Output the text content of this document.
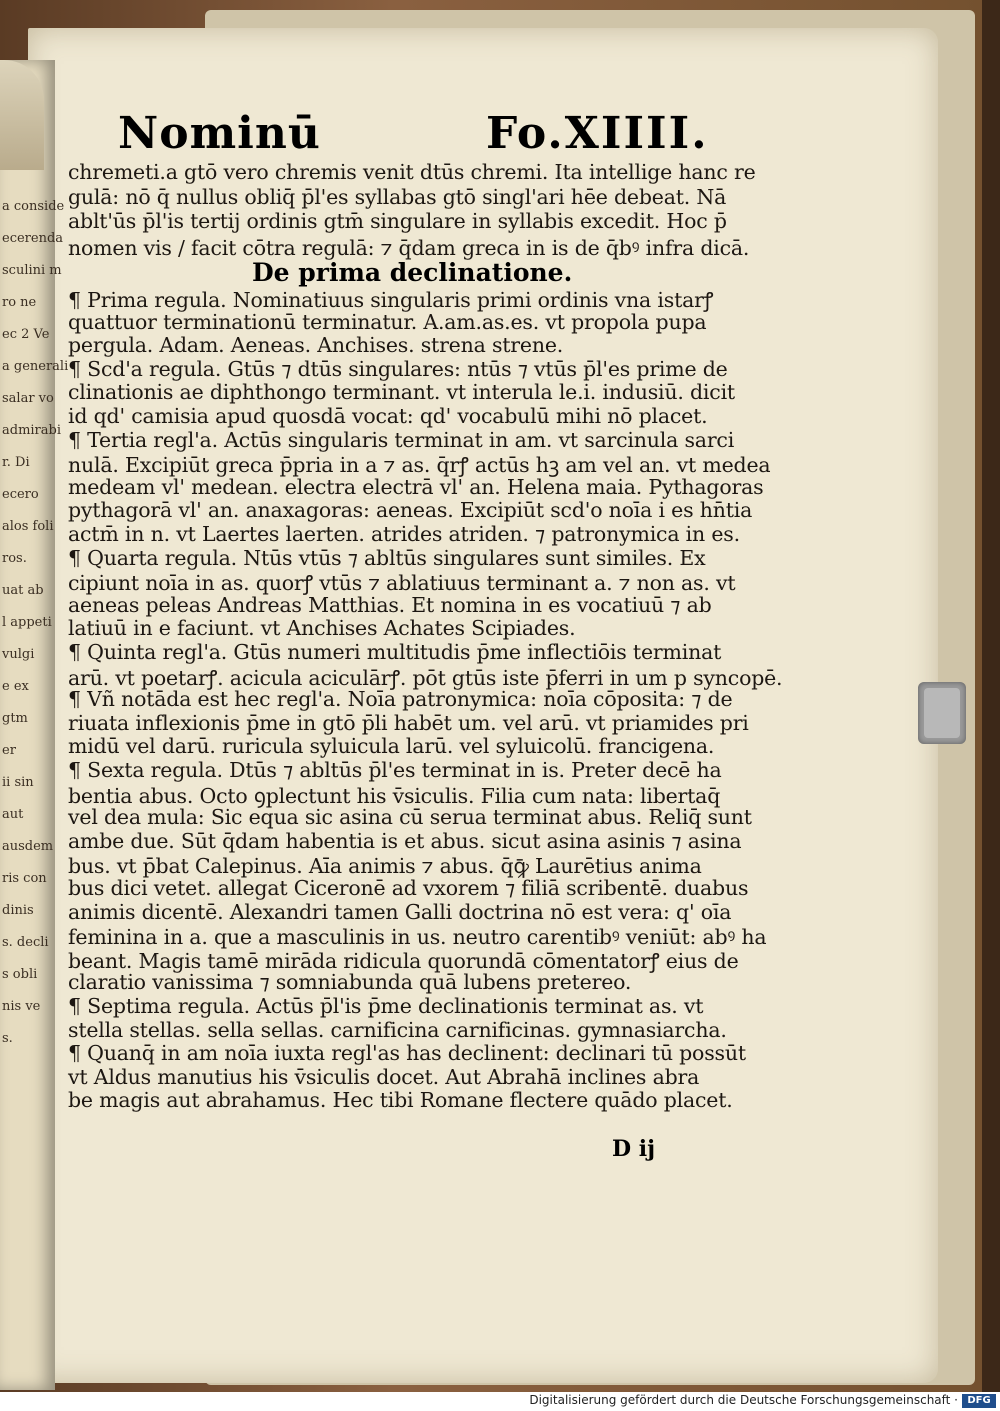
a conside
ecerenda
sculini m
ro ne
ec 2 Ve
a generali
salar vo
admirabi
r. Di
ecero
alos foli
ros.
uat ab
l appeti
vulgi
e ex
gtm
er
ii sin
aut
ausdem
ris con
dinis
s. decli
s obli
nis ve
s.
Nominū	Fo.XIIII.
chremeti.a gtō vero chremis venit dtūs chremi. Ita intellige hanc re
gulā: nō q̄ nullus obliq̄ p̄l'es syllabas gtō singl'ari hēe debeat. Nā
ablt'ūs p̄l'is tertij ordinis gtm̄ singulare in syllabis excedit. Hoc p̄
nomen vis / facit cōtra regulā: ⁊ q̄dam greca in is de q̄bꝰ infra dicā.
¶ Prima regula. Nominatiuus singularis primi ordinis vna istarꝭ
quattuor terminationū terminatur. A.am.as.es. vt propola pupa
pergula. Adam. Aeneas. Anchises. strena strene.
¶ Scd'a regula. Gtūs ⁊ dtūs singulares: ntūs ⁊ vtūs p̄l'es prime de
clinationis ae diphthongo terminant. vt interula le.i. indusiū. dicit
id qd' camisia apud quosdā vocat: qd' vocabulū mihi nō placet.
¶ Tertia regl'a. Actūs singularis terminat in am. vt sarcinula sarci
nulā. Excipiūt greca p̄pria in a ⁊ as. q̄rꝭ actūs hꝫ am vel an. vt medea
medeam vl' medean. electra electrā vl' an. Helena maia. Pythagoras
pythagorā vl' an. anaxagoras: aeneas. Excipiūt scd'o noīa i es hn̄tia
actm̄ in n. vt Laertes laerten. atrides atriden. ⁊ patronymica in es.
¶ Quarta regula. Ntūs vtūs ⁊ abltūs singulares sunt similes. Ex
cipiunt noīa in as. quorꝭ vtūs ⁊ ablatiuus terminant a. ⁊ non as. vt
aeneas peleas Andreas Matthias. Et nomina in es vocatiuū ⁊ ab
latiuū in e faciunt. vt Anchises Achates Scipiades.
¶ Quinta regl'a. Gtūs numeri multitudis p̄me inflectiōis terminat
arū. vt poetarꝭ. acicula aciculārꝭ. pōt gtūs iste p̄ferri in um p syncopē.
¶ Vñ notāda est hec regl'a. Noīa patronymica: noīa cōposita: ⁊ de
riuata inflexionis p̄me in gtō p̄li habēt um. vel arū. vt priamides pri
midū vel darū. ruricula syluicula larū. vel syluicolū. francigena.
¶ Sexta regula. Dtūs ⁊ abltūs p̄l'es terminat in is. Preter decē ha
bentia abus. Octo ꝯplectunt his v̄siculis. Filia cum nata: libertaq̄
vel dea mula: Sic equa sic asina cū serua terminat abus. Reliq̄ sunt
ambe due. Sūt q̄dam habentia is et abus. sicut asina asinis ⁊ asina
bus. vt p̄bat Calepinus. Aīa animis ⁊ abus. q̄ꝙ̄ Laurētius anima
bus dici vetet. allegat Ciceronē ad vxorem ⁊ filiā scribentē. duabus
animis dicentē. Alexandri tamen Galli doctrina nō est vera: q' oīa
feminina in a. que a masculinis in us. neutro carentibꝰ veniūt: abꝰ ha
beant. Magis tamē mirāda ridicula quorundā cōmentatorꝭ eius de
claratio vanissima ⁊ somniabunda quā lubens pretereo.
¶ Septima regula. Actūs p̄l'is p̄me declinationis terminat as. vt
stella stellas. sella sellas. carnificina carnificinas. gymnasiarcha.
¶ Quanq̄ in am noīa iuxta regl'as has declinent: declinari tū possūt
vt Aldus manutius his v̄siculis docet. Aut Abrahā inclines abra
be magis aut abrahamus. Hec tibi Romane flectere quādo placet.
De prima declinatione.
D ij
Digitalisierung gefördert durch die Deutsche Forschungsgemeinschaft · DFG
